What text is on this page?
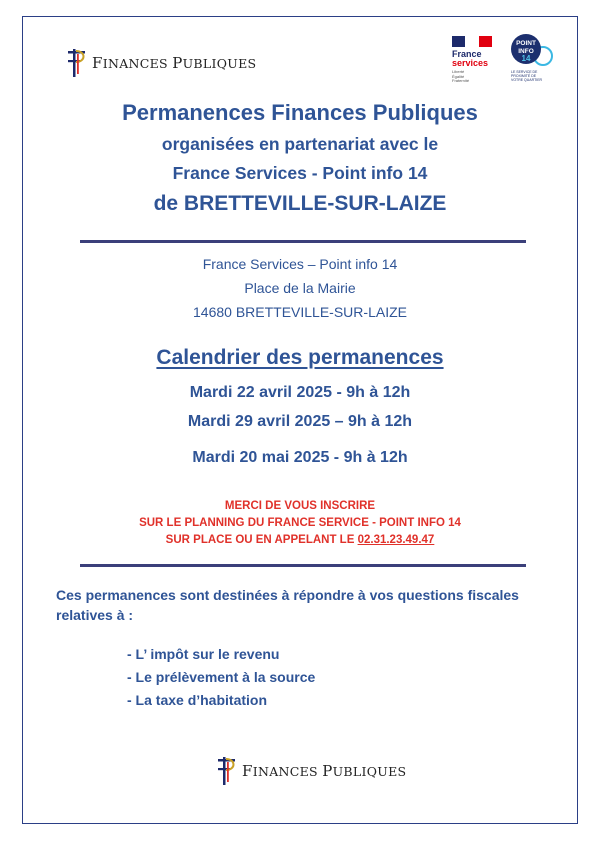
FINANCES PUBLIQUES
France
services
Liberté
Égalité
Fraternité
POINT
INFO
14
LE SERVICE DE
PROXIMITÉ DE
VOTRE QUARTIER
Permanences Finances Publiques
organisées en partenariat avec le
France Services - Point info 14
de BRETTEVILLE-SUR-LAIZE
France Services – Point info 14
Place de la Mairie
14680 BRETTEVILLE-SUR-LAIZE
Calendrier des permanences
Mardi 22 avril 2025 - 9h à 12h
Mardi 29 avril 2025 – 9h à 12h
Mardi 20 mai 2025 - 9h à 12h
MERCI DE VOUS INSCRIRE
SUR LE PLANNING DU FRANCE SERVICE - POINT INFO 14
SUR PLACE OU EN APPELANT LE 02.31.23.49.47
Ces permanences sont destinées à répondre à vos questions fiscales relatives à :
- L’ impôt sur le revenu
- Le prélèvement à la source
- La taxe d’habitation
FINANCES PUBLIQUES
